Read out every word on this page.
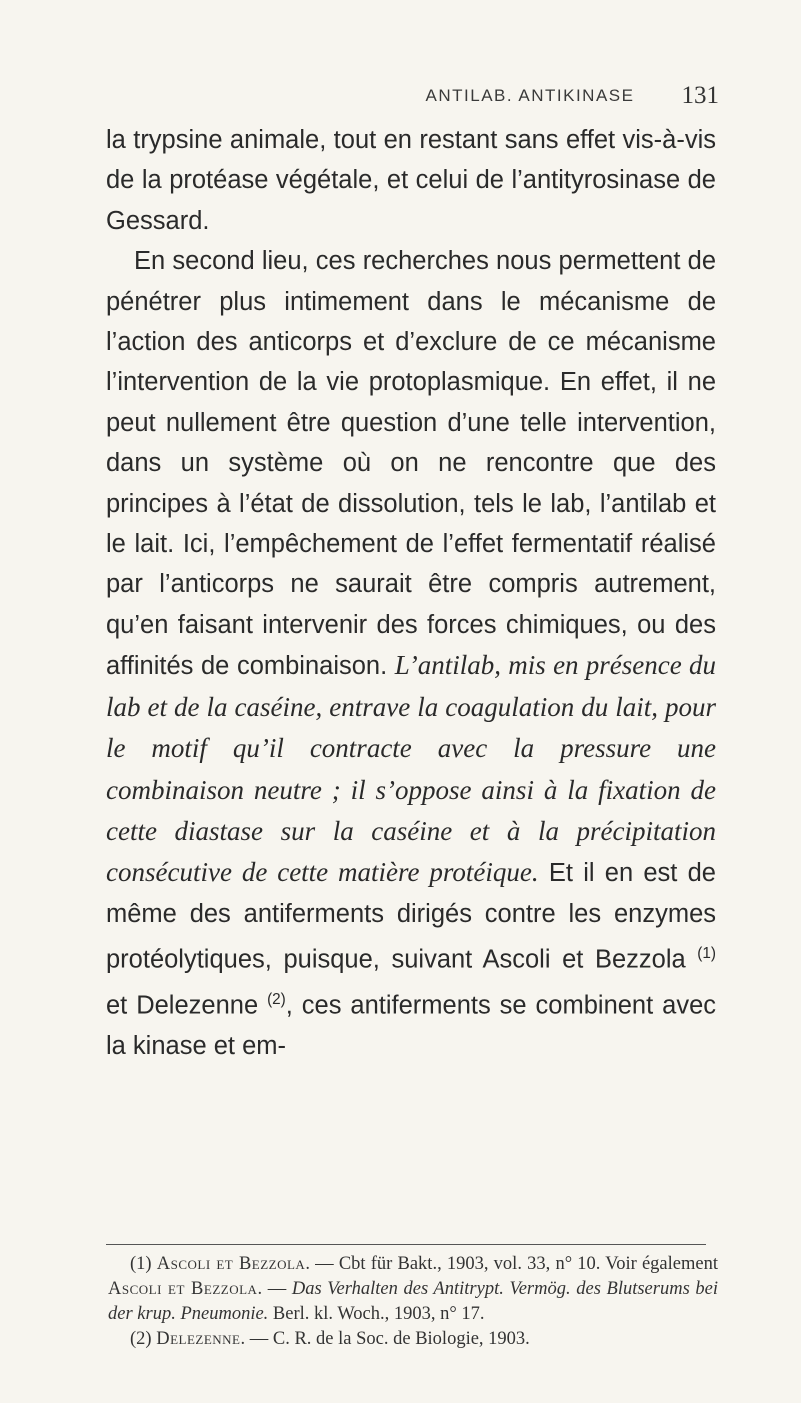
ANTILAB. ANTIKINASE	131

la trypsine animale, tout en restant sans effet vis-à-vis de la protéase végétale, et celui de l’antityrosinase de Gessard.

En second lieu, ces recherches nous permettent de pénétrer plus intimement dans le mécanisme de l’action des anticorps et d’exclure de ce mécanisme l’intervention de la vie protoplasmique. En effet, il ne peut nullement être question d’une telle intervention, dans un système où on ne rencontre que des principes à l’état de dissolution, tels le lab, l’antilab et le lait. Ici, l’empêchement de l’effet fermentatif réalisé par l’anticorps ne saurait être compris autrement, qu’en faisant intervenir des forces chimiques, ou des affinités de combinaison. L’antilab, mis en présence du lab et de la caséine, entrave la coagulation du lait, pour le motif qu’il contracte avec la pressure une combinaison neutre ; il s’oppose ainsi à la fixation de cette diastase sur la caséine et à la précipitation consécutive de cette matière protéique. Et il en est de même des antiferments dirigés contre les enzymes protéolytiques, puisque, suivant Ascoli et Bezzola $^{(1)}$ et Delezenne $^{(2)}$, ces antiferments se combinent avec la kinase et em-

(1) Ascoli et Bezzola. — Cbt für Bakt., 1903, vol. 33, n° 10. Voir également Ascoli et Bezzola. — Das Verhalten des Antitrypt. Vermög. des Blutserums bei der krup. Pneumonie. Berl. kl. Woch., 1903, n° 17.

(2) Delezenne. — C. R. de la Soc. de Biologie, 1903.
